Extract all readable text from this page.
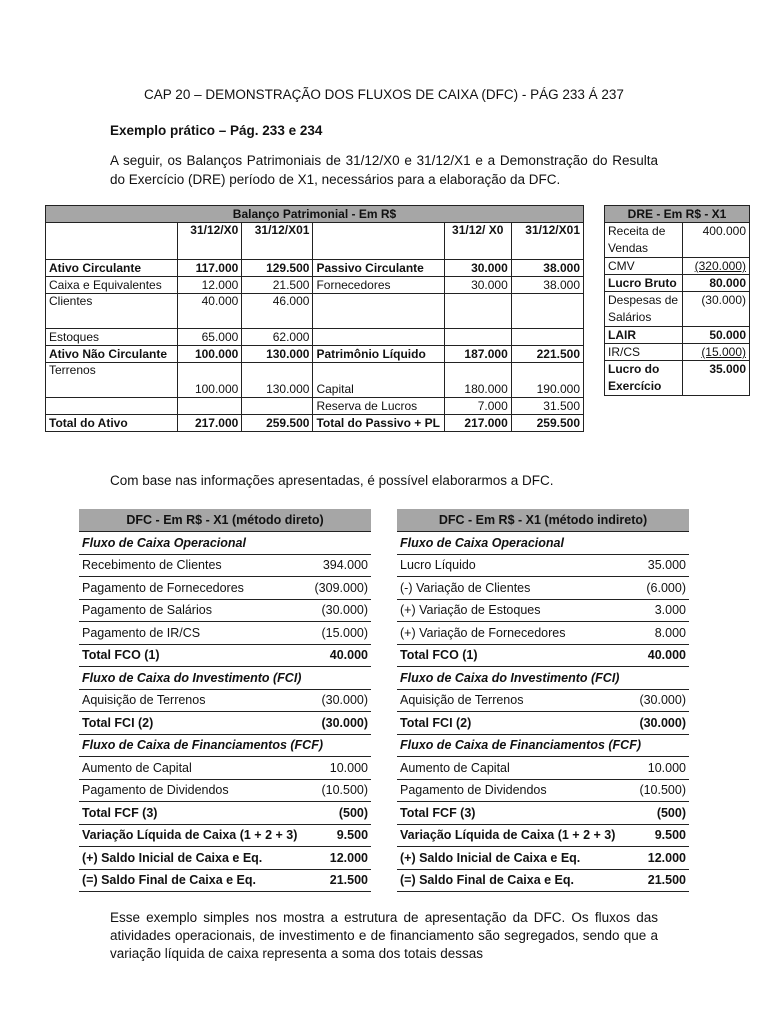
CAP 20 – DEMONSTRAÇÃO DOS FLUXOS DE CAIXA (DFC) - PÁG 233 Á 237
Exemplo prático – Pág. 233 e 234
A seguir, os Balanços Patrimoniais de 31/12/X0 e 31/12/X1 e a Demonstração do Resulta do Exercício (DRE) período de X1, necessários para a elaboração da DFC.
Balanço Patrimonial - Em R$					
	31/12/X0	31/12/X01		31/12/ X0	31/12/X01
Ativo Circulante	117.000	129.500	Passivo Circulante	30.000	38.000
Caixa e Equivalentes	12.000	21.500	Fornecedores	30.000	38.000
Clientes	40.000	46.000			
Estoques	65.000	62.000			
Ativo Não Circulante	100.000	130.000	Patrimônio Líquido	187.000	221.500

Terrenos	100.000	130.000	Capital	180.000	190.000
			Reserva de Lucros	7.000	31.500
Total do Ativo	217.000	259.500	Total do Passivo + PL	217.000	259.500
DRE - Em R$ - X1	
Receita de Vendas	400.000
CMV	(320.000)
Lucro Bruto	80.000
Despesas de Salários	(30.000)
LAIR	50.000
IR/CS	(15.000)
Lucro do Exercício	35.000
Com base nas informações apresentadas, é possível elaborarmos a DFC.
DFC - Em R$ - X1 (método direto)	
Fluxo de Caixa Operacional	
Recebimento de Clientes	394.000
Pagamento de Fornecedores	(309.000)
Pagamento de Salários	(30.000)
Pagamento de IR/CS	(15.000)
Total FCO (1)	40.000
Fluxo de Caixa do Investimento (FCI)	
Aquisição de Terrenos	(30.000)
Total FCI (2)	(30.000)
Fluxo de Caixa de Financiamentos (FCF)	
Aumento de Capital	10.000
Pagamento de Dividendos	(10.500)
Total FCF (3)	(500)
Variação Líquida de Caixa (1 + 2 + 3)	9.500
(+) Saldo Inicial de Caixa e Eq.	12.000
(=) Saldo Final de Caixa e Eq.	21.500
DFC - Em R$ - X1 (método indireto)	
Fluxo de Caixa Operacional	
Lucro Líquido	35.000
(-) Variação de Clientes	(6.000)
(+) Variação de Estoques	3.000
(+) Variação de Fornecedores	8.000
Total FCO (1)	40.000
Fluxo de Caixa do Investimento (FCI)	
Aquisição de Terrenos	(30.000)
Total FCI (2)	(30.000)
Fluxo de Caixa de Financiamentos (FCF)	
Aumento de Capital	10.000
Pagamento de Dividendos	(10.500)
Total FCF (3)	(500)
Variação Líquida de Caixa (1 + 2 + 3)	9.500
(+) Saldo Inicial de Caixa e Eq.	12.000
(=) Saldo Final de Caixa e Eq.	21.500
Esse exemplo simples nos mostra a estrutura de apresentação da DFC. Os fluxos das atividades operacionais, de investimento e de financiamento são segregados, sendo que a variação líquida de caixa representa a soma dos totais dessas
